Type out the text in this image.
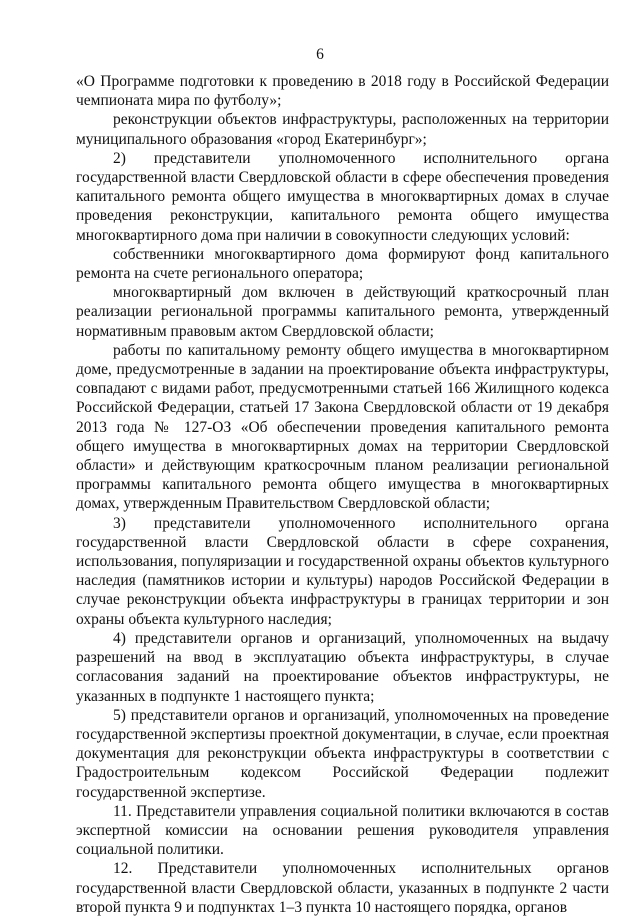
6

«О Программе подготовки к проведению в 2018 году в Российской Федерации чемпионата мира по футболу»;

реконструкции объектов инфраструктуры, расположенных на территории муниципального образования «город Екатеринбург»;

2) представители уполномоченного исполнительного органа государственной власти Свердловской области в сфере обеспечения проведения капитального ремонта общего имущества в многоквартирных домах в случае проведения реконструкции, капитального ремонта общего имущества многоквартирного дома при наличии в совокупности следующих условий:

собственники многоквартирного дома формируют фонд капитального ремонта на счете регионального оператора;

многоквартирный дом включен в действующий краткосрочный план реализации региональной программы капитального ремонта, утвержденный нормативным правовым актом Свердловской области;

работы по капитальному ремонту общего имущества в многоквартирном доме, предусмотренные в задании на проектирование объекта инфраструктуры, совпадают с видами работ, предусмотренными статьей 166 Жилищного кодекса Российской Федерации, статьей 17 Закона Свердловской области от 19 декабря 2013 года № 127-ОЗ «Об обеспечении проведения капитального ремонта общего имущества в многоквартирных домах на территории Свердловской области» и действующим краткосрочным планом реализации региональной программы капитального ремонта общего имущества в многоквартирных домах, утвержденным Правительством Свердловской области;

3) представители уполномоченного исполнительного органа государственной власти Свердловской области в сфере сохранения, использования, популяризации и государственной охраны объектов культурного наследия (памятников истории и культуры) народов Российской Федерации в случае реконструкции объекта инфраструктуры в границах территории и зон охраны объекта культурного наследия;

4) представители органов и организаций, уполномоченных на выдачу разрешений на ввод в эксплуатацию объекта инфраструктуры, в случае согласования заданий на проектирование объектов инфраструктуры, не указанных в подпункте 1 настоящего пункта;

5) представители органов и организаций, уполномоченных на проведение государственной экспертизы проектной документации, в случае, если проектная документация для реконструкции объекта инфраструктуры в соответствии с Градостроительным кодексом Российской Федерации подлежит государственной экспертизе.

11. Представители управления социальной политики включаются в состав экспертной комиссии на основании решения руководителя управления социальной политики.

12. Представители уполномоченных исполнительных органов государственной власти Свердловской области, указанных в подпункте 2 части второй пункта 9 и подпунктах 1–3 пункта 10 настоящего порядка, органов
